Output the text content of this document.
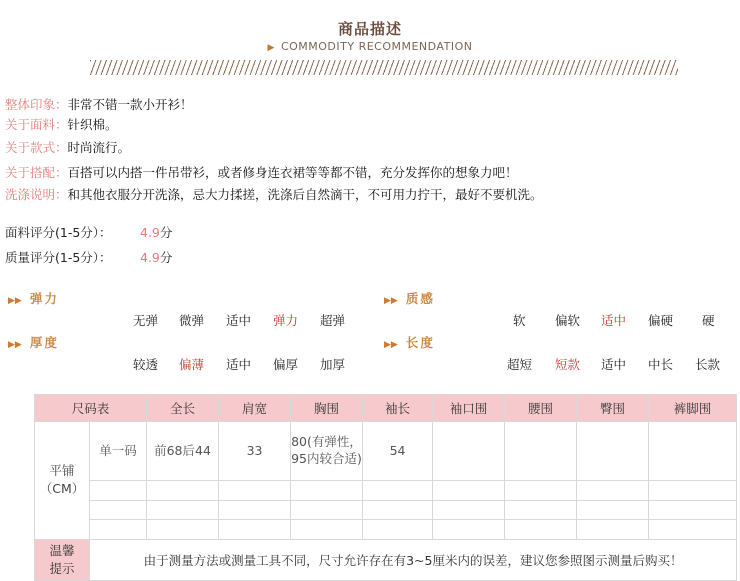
商品描述
▶ COMMODITY RECOMMENDATION
整体印象：非常不错一款小开衫！
关于面料：针织棉。
关于款式：时尚流行。
关于搭配：百搭可以内搭一件吊带衫，或者修身连衣裙等等都不错，充分发挥你的想象力吧！
洗涤说明：和其他衣服分开洗涤，忌大力揉搓，洗涤后自然滴干，不可用力拧干，最好不要机洗。
面料评分(1-5分）： 4.9分
质量评分(1-5分）： 4.9分
▶▶ 弹力	▶▶ 质感
▶▶ 厚度	▶▶ 长度
无弹 微弹 适中 弹力 超弹	软 偏软 适中 偏硬 硬
较透 偏薄 适中 偏厚 加厚	超短 短款 适中 中长 长款
尺码表		全长	肩宽	胸围	袖长	袖口围	腰围	臀围	裤脚围

平铺
（CM）	单一码	前68后44	33	80(有弹性，95内较合适)	54				

温馨
提示	由于测量方法或测量工具不同，尺寸允许存在有3~5厘米内的误差，建议您参照图示测量后购买！								
